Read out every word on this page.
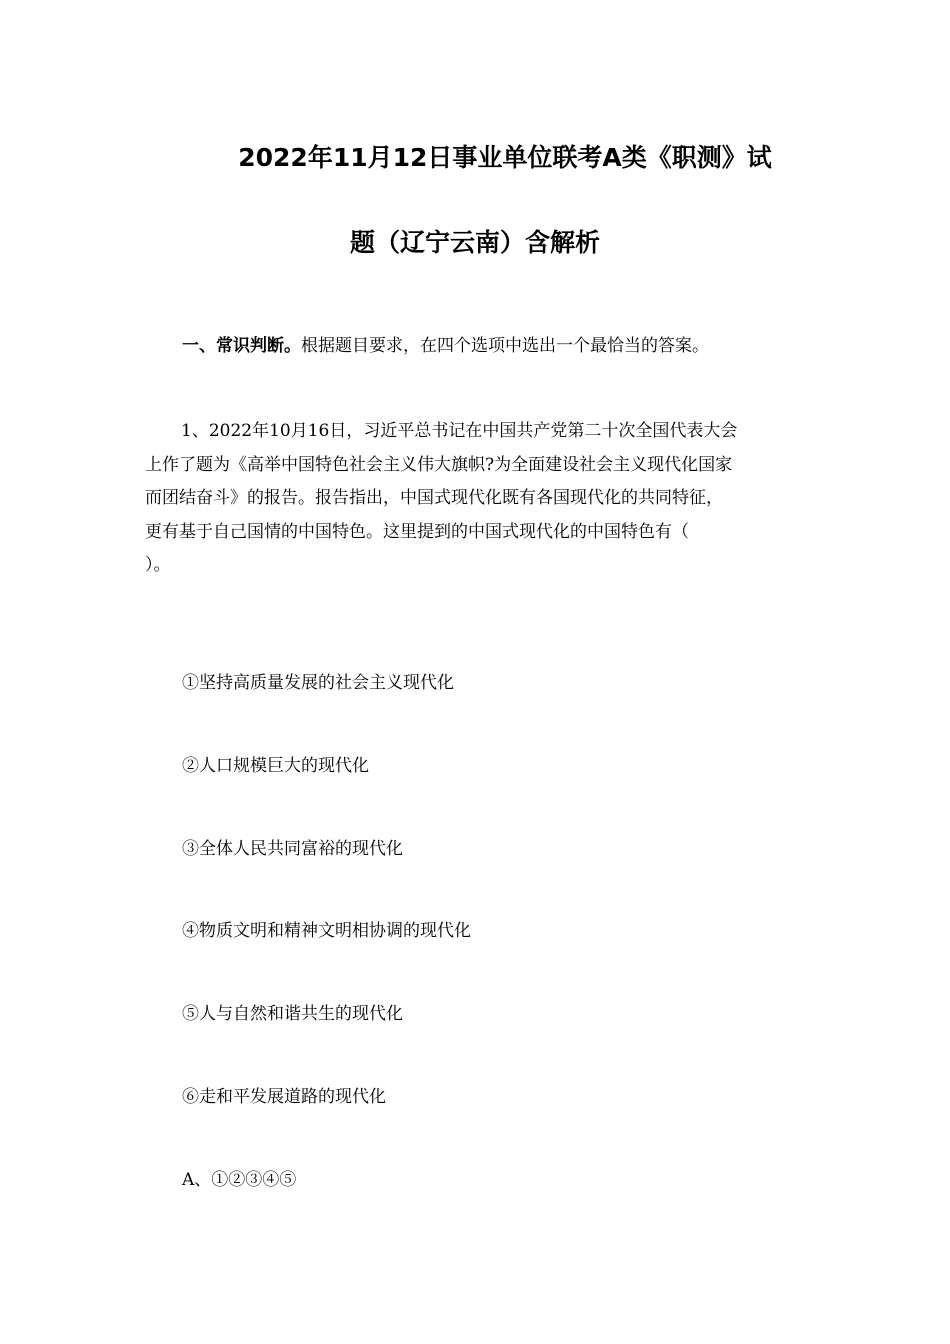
2022年11月12日事业单位联考A类《职测》试
题（辽宁云南）含解析
一、常识判断。根据题目要求，在四个选项中选出一个最恰当的答案。
1、2022年10月16日，习近平总书记在中国共产党第二十次全国代表大会
上作了题为《高举中国特色社会主义伟大旗帜?为全面建设社会主义现代化国家
而团结奋斗》的报告。报告指出，中国式现代化既有各国现代化的共同特征，
更有基于自己国情的中国特色。这里提到的中国式现代化的中国特色有（
）。
①坚持高质量发展的社会主义现代化
②人口规模巨大的现代化
③全体人民共同富裕的现代化
④物质文明和精神文明相协调的现代化
⑤人与自然和谐共生的现代化
⑥走和平发展道路的现代化
A、①②③④⑤
